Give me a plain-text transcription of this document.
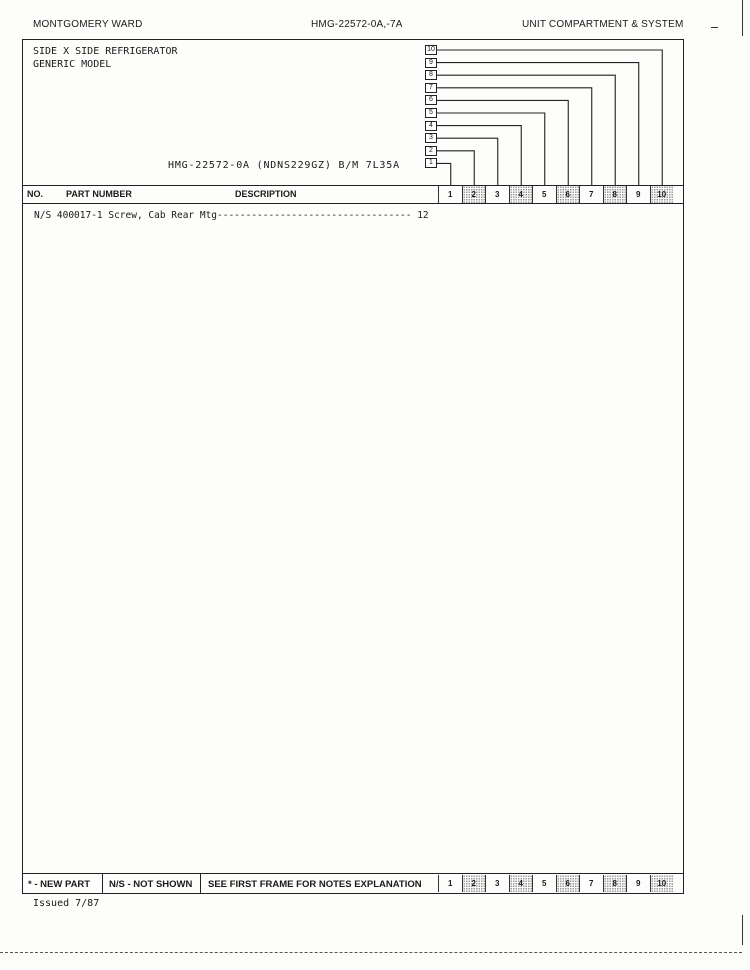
MONTGOMERY WARD	HMG-22572-0A,-7A	UNIT COMPARTMENT & SYSTEM
SIDE X SIDE REFRIGERATOR
GENERIC MODEL
HMG-22572-0A (NDNS229GZ) B/M 7L35A
10
9
8
7
6
5
4
3
2
1
NO.	PART NUMBER	DESCRIPTION	1 2 3 4 5 6 7 8 9 10
N/S 400017-1 Screw, Cab Rear Mtg---------------------------------- 12
* - NEW PART N/S - NOT SHOWN SEE FIRST FRAME FOR NOTES EXPLANATION	1 2 3 4 5 6 7 8 9 10
Issued 7/87
